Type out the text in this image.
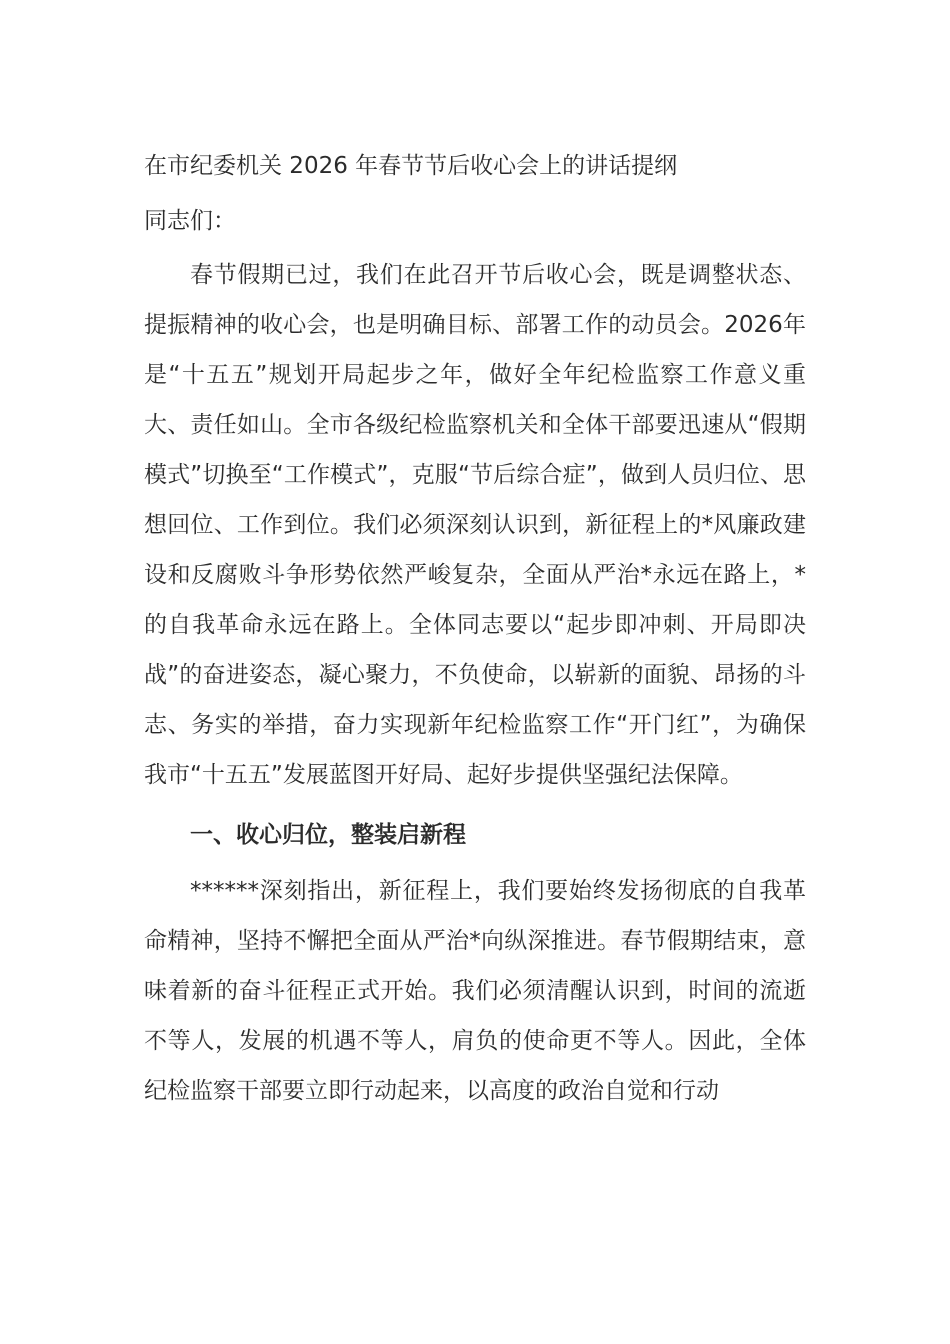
在市纪委机关 2026 年春节节后收心会上的讲话提纲

同志们：

春节假期已过，我们在此召开节后收心会，既是调整状态、提振精神的收心会，也是明确目标、部署工作的动员会。2026年是“十五五”规划开局起步之年，做好全年纪检监察工作意义重大、责任如山。全市各级纪检监察机关和全体干部要迅速从“假期模式”切换至“工作模式”，克服“节后综合症”，做到人员归位、思想回位、工作到位。我们必须深刻认识到，新征程上的*风廉政建设和反腐败斗争形势依然严峻复杂，全面从严治*永远在路上，*的自我革命永远在路上。全体同志要以“起步即冲刺、开局即决战”的奋进姿态，凝心聚力，不负使命，以崭新的面貌、昂扬的斗志、务实的举措，奋力实现新年纪检监察工作“开门红”，为确保我市“十五五”发展蓝图开好局、起好步提供坚强纪法保障。

一、收心归位，整装启新程

******深刻指出，新征程上，我们要始终发扬彻底的自我革命精神，坚持不懈把全面从严治*向纵深推进。春节假期结束，意味着新的奋斗征程正式开始。我们必须清醒认识到，时间的流逝不等人，发展的机遇不等人，肩负的使命更不等人。因此，全体纪检监察干部要立即行动起来，以高度的政治自觉和行动
